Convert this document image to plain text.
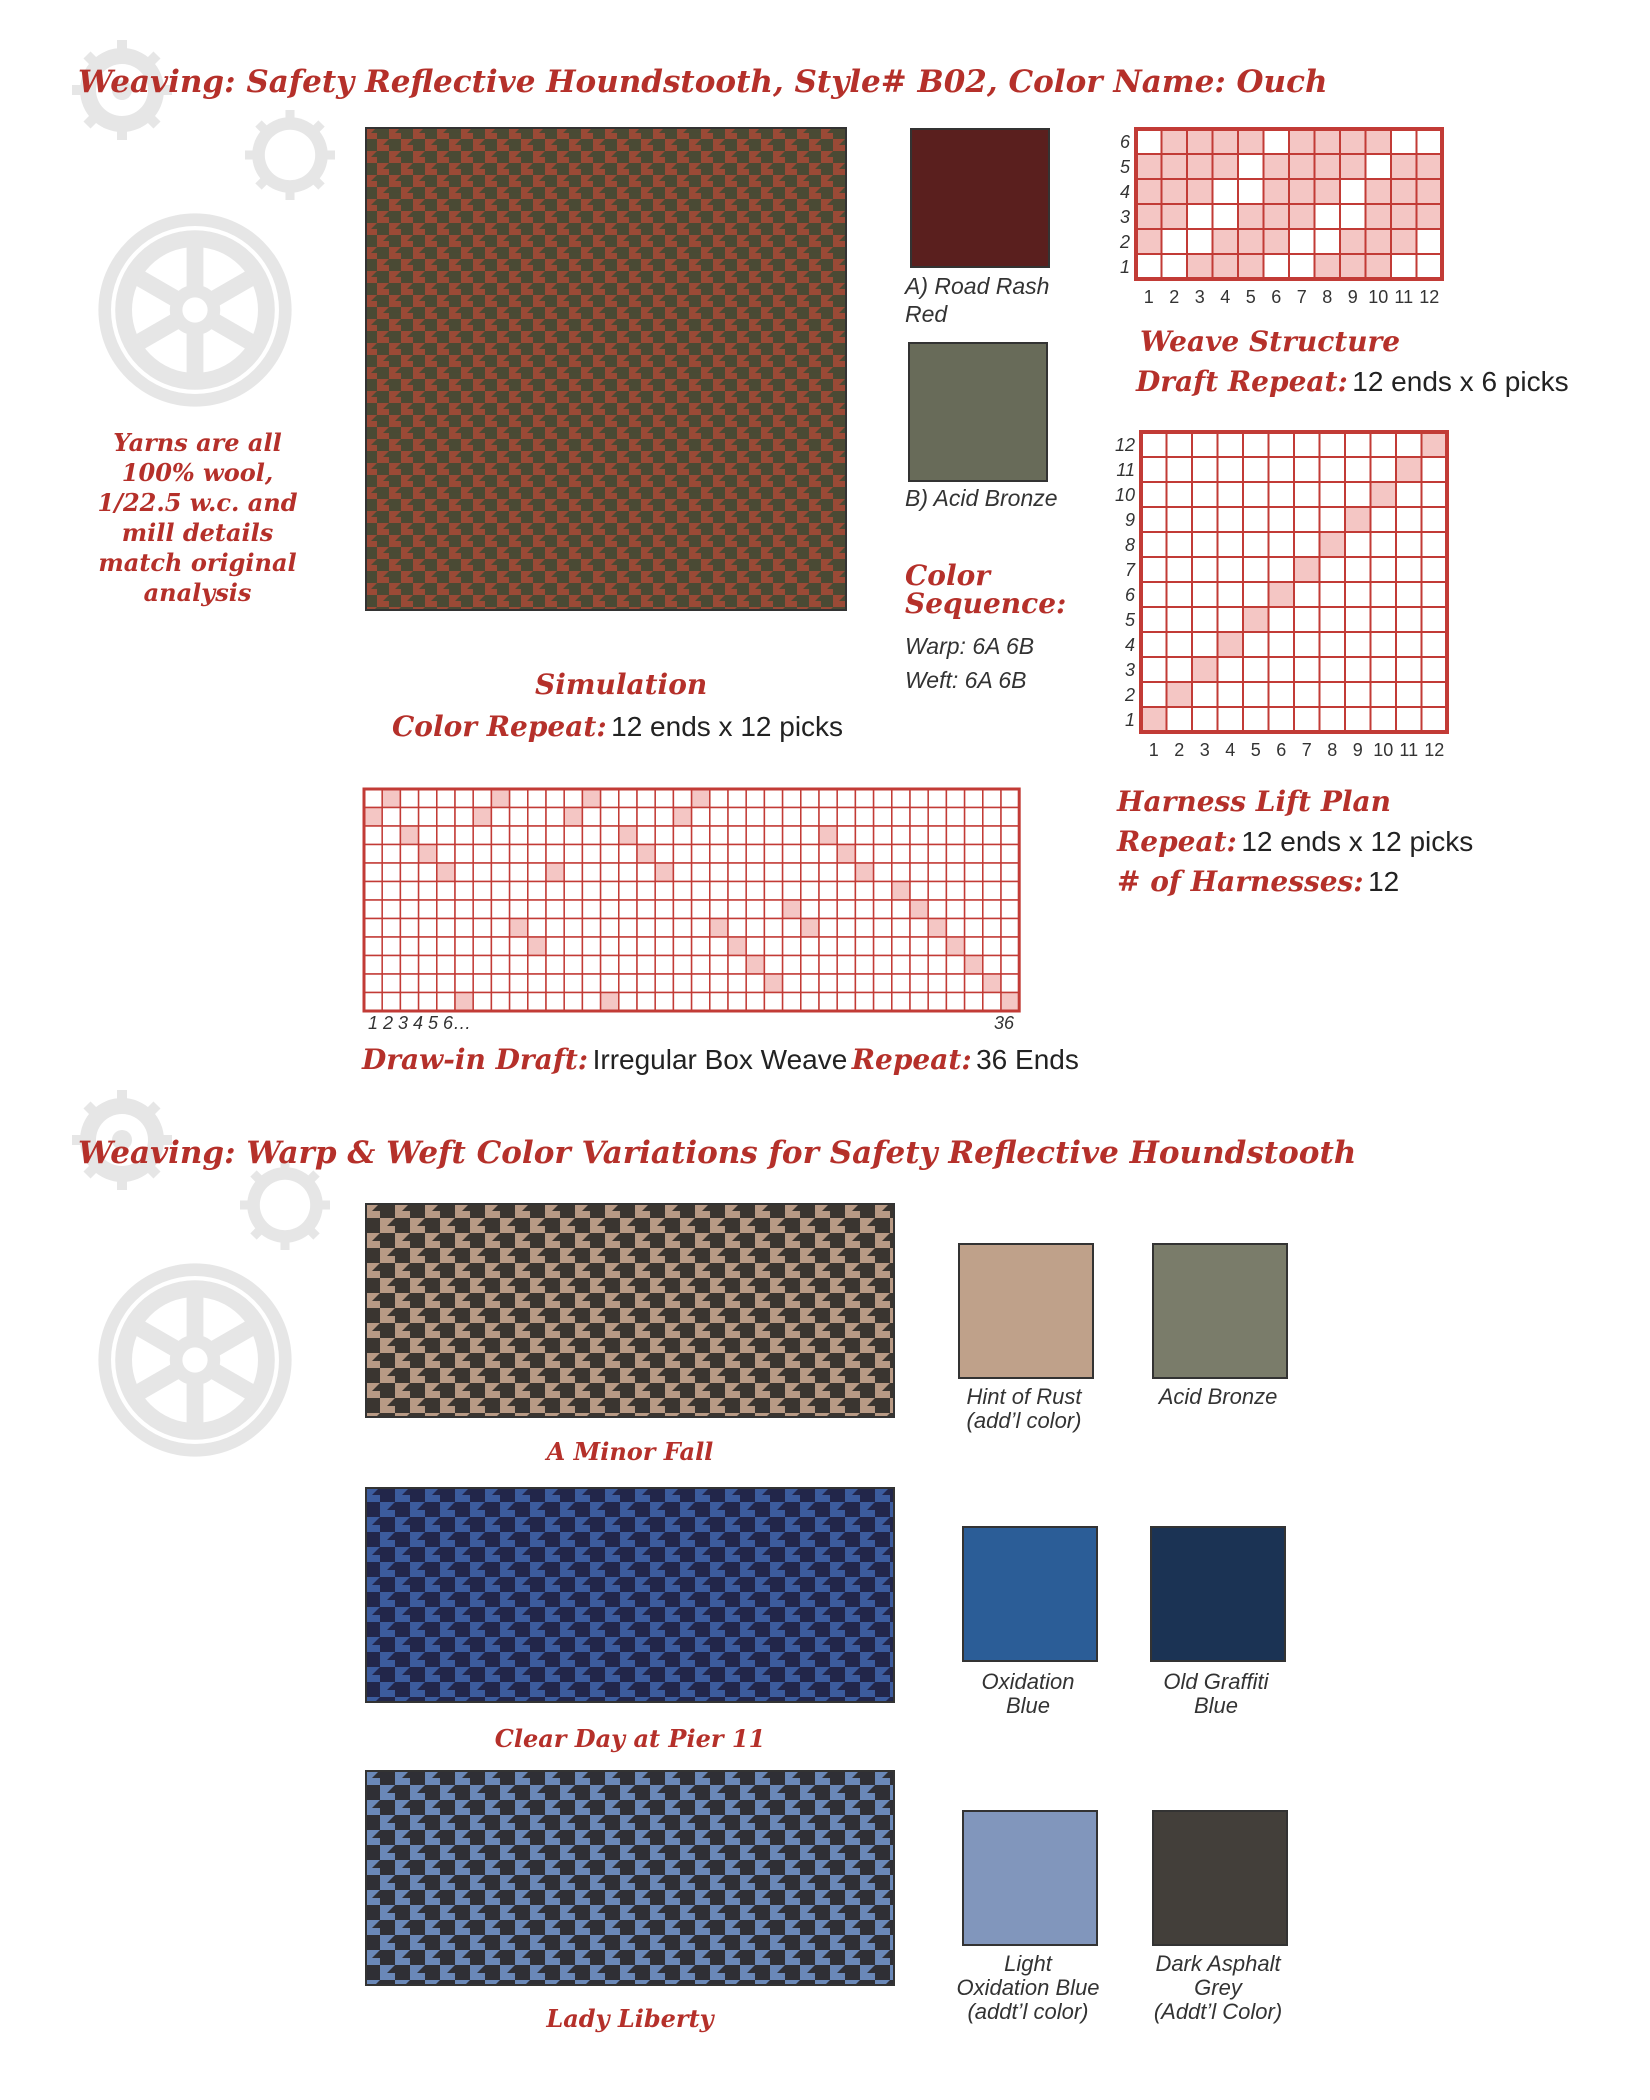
Weaving: Safety Reflective Houndstooth, Style# B02, Color Name: Ouch
Yarns are all 100% wool, 1/22.5 w.c. and mill details match original analysis
Simulation
Color Repeat: 12 ends x 12 picks
A) Road Rash Red
B) Acid Bronze
Color Sequence:
Warp: 6A 6B
Weft: 6A 6B
6
5
4
3
2
1
1 2 3 4 5 6 7 8 9 10 11 12
Weave Structure
Draft Repeat: 12 ends x 6 picks
12
11
10
9
8
7
6
5
4
3
2
1
1 2 3 4 5 6 7 8 9 10 11 12
Harness Lift Plan
Repeat: 12 ends x 12 picks
# of Harnesses: 12
1 2 3 4 5 6…	36
Draw-in Draft: Irregular Box Weave Repeat: 36 Ends
Weaving: Warp & Weft Color Variations for Safety Reflective Houndstooth
A Minor Fall
Hint of Rust
(add’l color)
Acid Bronze
Clear Day at Pier 11
Oxidation
Blue
Old Graffiti
Blue
Lady Liberty
Light
Oxidation Blue
(addt’l color)
Dark Asphalt
Grey
(Addt’l Color)
